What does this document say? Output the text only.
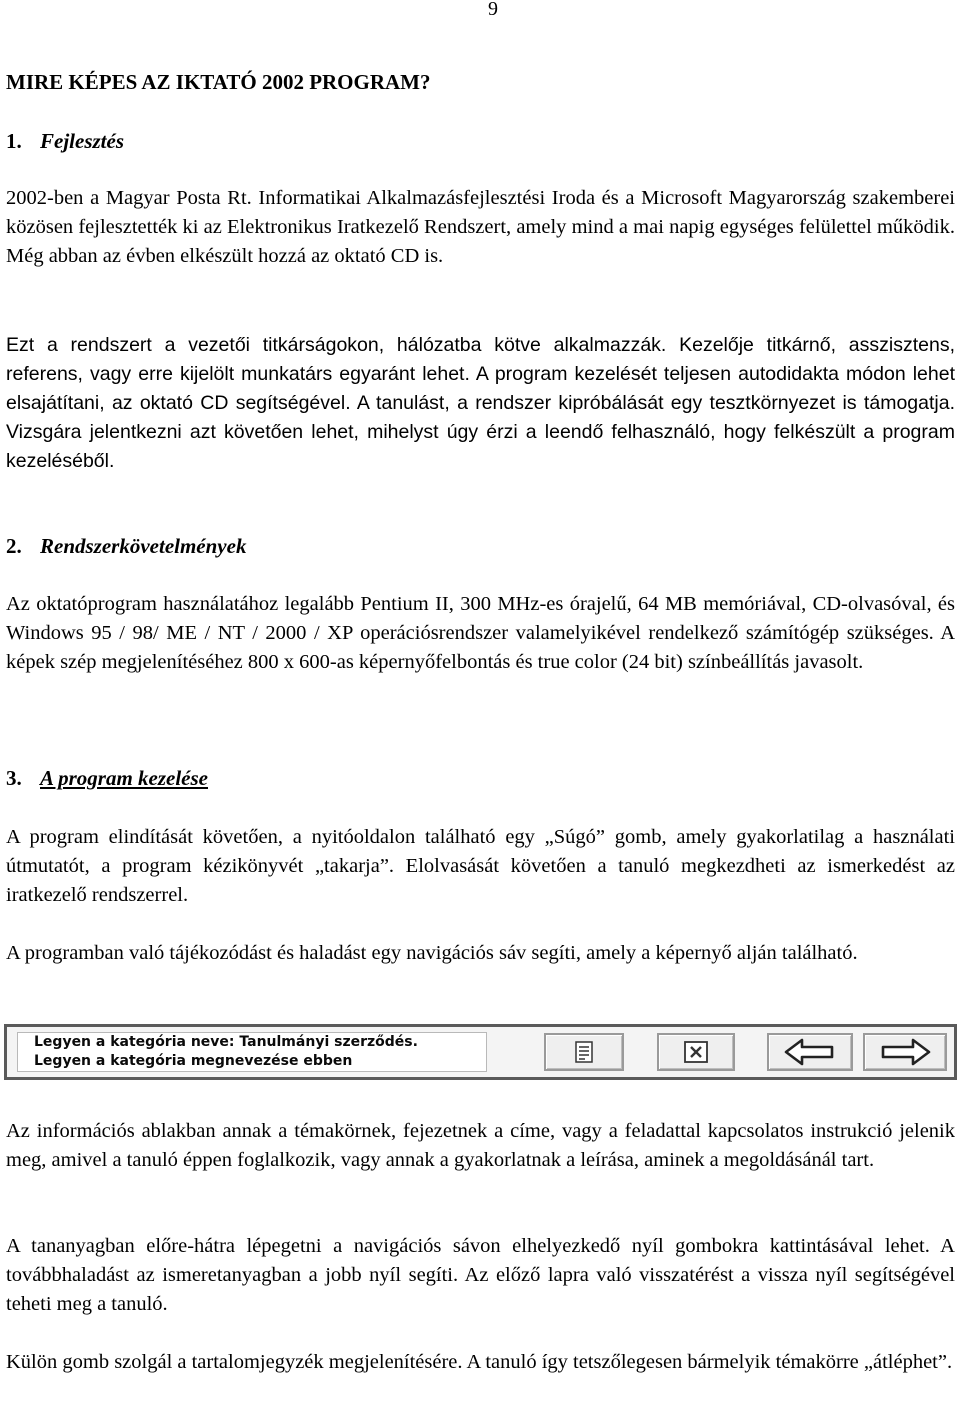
9
MIRE KÉPES AZ IKTATÓ 2002 PROGRAM?
1. Fejlesztés

2002-ben a Magyar Posta Rt. Informatikai Alkalmazásfejlesztési Iroda és a Microsoft Magyarország szakemberei közösen fejlesztették ki az Elektronikus Iratkezelő Rendszert, amely mind a mai napig egységes felülettel működik. Még abban az évben elkészült hozzá az oktató CD is.

Ezt a rendszert a vezetői titkárságokon, hálózatba kötve alkalmazzák. Kezelője titkárnő, asszisztens, referens, vagy erre kijelölt munkatárs egyaránt lehet. A program kezelését teljesen autodidakta módon lehet elsajátítani, az oktató CD segítségével. A tanulást, a rendszer kipróbálását egy tesztkörnyezet is támogatja. Vizsgára jelentkezni azt követően lehet, mihelyst úgy érzi a leendő felhasználó, hogy felkészült a program kezeléséből.

2. Rendszerkövetelmények

Az oktatóprogram használatához legalább Pentium II, 300 MHz-es órajelű, 64 MB memóriával, CD-olvasóval, és Windows 95 / 98/ ME / NT / 2000 / XP operációsrendszer valamelyikével rendelkező számítógép szükséges. A képek szép megjelenítéséhez 800 x 600-as képernyőfelbontás és true color (24 bit) színbeállítás javasolt.

3. A program kezelése

A program elindítását követően, a nyitóoldalon található egy „Súgó” gomb, amely gyakorlatilag a használati útmutatót, a program kézikönyvét „takarja”. Elolvasását követően a tanuló megkezdheti az ismerkedést az iratkezelő rendszerrel.

A programban való tájékozódást és haladást egy navigációs sáv segíti, amely a képernyő alján található.

Legyen a kategória neve: Tanulmányi szerződés.
Legyen a kategória megnevezése ebben

Az információs ablakban annak a témakörnek, fejezetnek a címe, vagy a feladattal kapcsolatos instrukció jelenik meg, amivel a tanuló éppen foglalkozik, vagy annak a gyakorlatnak a leírása, aminek a megoldásánál tart.

A tananyagban előre-hátra lépegetni a navigációs sávon elhelyezkedő nyíl gombokra kattintásával lehet. A továbbhaladást az ismeretanyagban a jobb nyíl segíti. Az előző lapra való visszatérést a vissza nyíl segítségével teheti meg a tanuló.

Külön gomb szolgál a tartalomjegyzék megjelenítésére. A tanuló így tetszőlegesen bármelyik témakörre „átléphet”.
